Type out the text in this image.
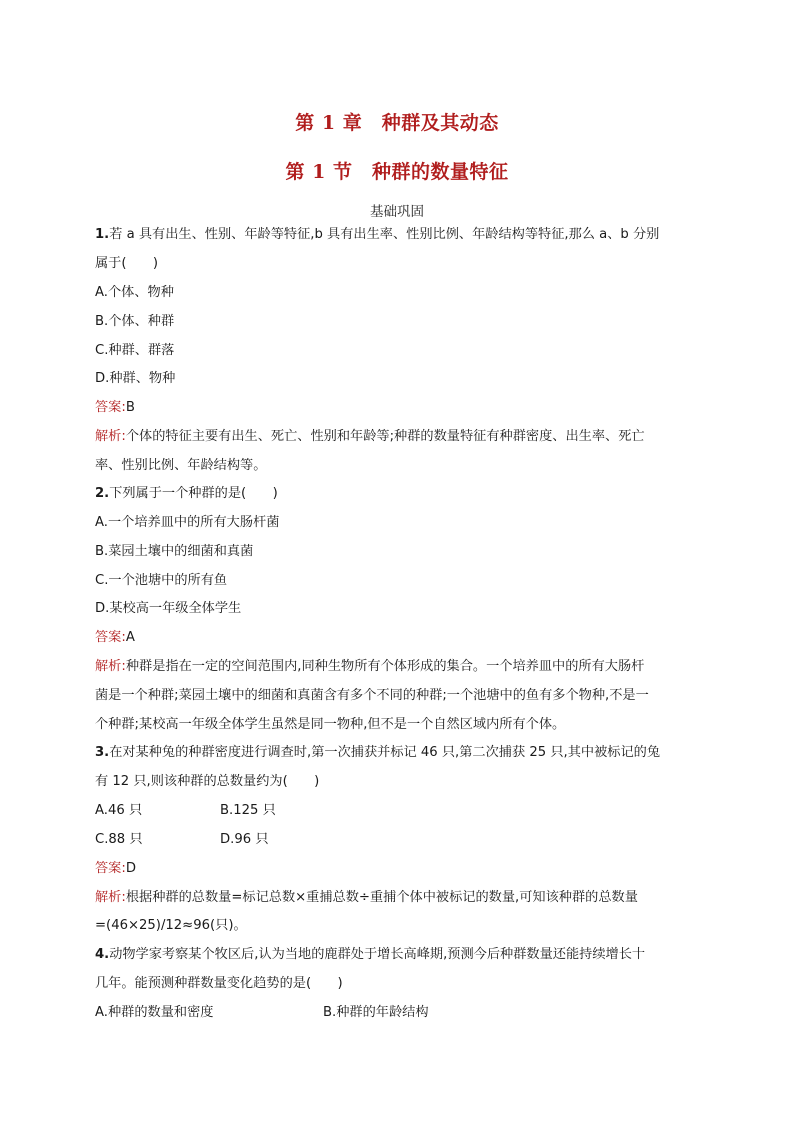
第 1 章　种群及其动态
第 1 节　种群的数量特征
基础巩固
1.若 a 具有出生、性别、年龄等特征,b 具有出生率、性别比例、年龄结构等特征,那么 a、b 分别
属于(　　)
A.个体、物种
B.个体、种群
C.种群、群落
D.种群、物种
答案:B
解析:个体的特征主要有出生、死亡、性别和年龄等;种群的数量特征有种群密度、出生率、死亡
率、性别比例、年龄结构等。
2.下列属于一个种群的是(　　)
A.一个培养皿中的所有大肠杆菌
B.菜园土壤中的细菌和真菌
C.一个池塘中的所有鱼
D.某校高一年级全体学生
答案:A
解析:种群是指在一定的空间范围内,同种生物所有个体形成的集合。一个培养皿中的所有大肠杆
菌是一个种群;菜园土壤中的细菌和真菌含有多个不同的种群;一个池塘中的鱼有多个物种,不是一
个种群;某校高一年级全体学生虽然是同一物种,但不是一个自然区域内所有个体。
3.在对某种兔的种群密度进行调查时,第一次捕获并标记 46 只,第二次捕获 25 只,其中被标记的兔
有 12 只,则该种群的总数量约为(　　)
A.46 只	B.125 只
C.88 只	D.96 只
答案:D
解析:根据种群的总数量=标记总数×重捕总数÷重捕个体中被标记的数量,可知该种群的总数量
=(46×25)/12≈96(只)。
4.动物学家考察某个牧区后,认为当地的鹿群处于增长高峰期,预测今后种群数量还能持续增长十
几年。能预测种群数量变化趋势的是(　　)
A.种群的数量和密度	B.种群的年龄结构
